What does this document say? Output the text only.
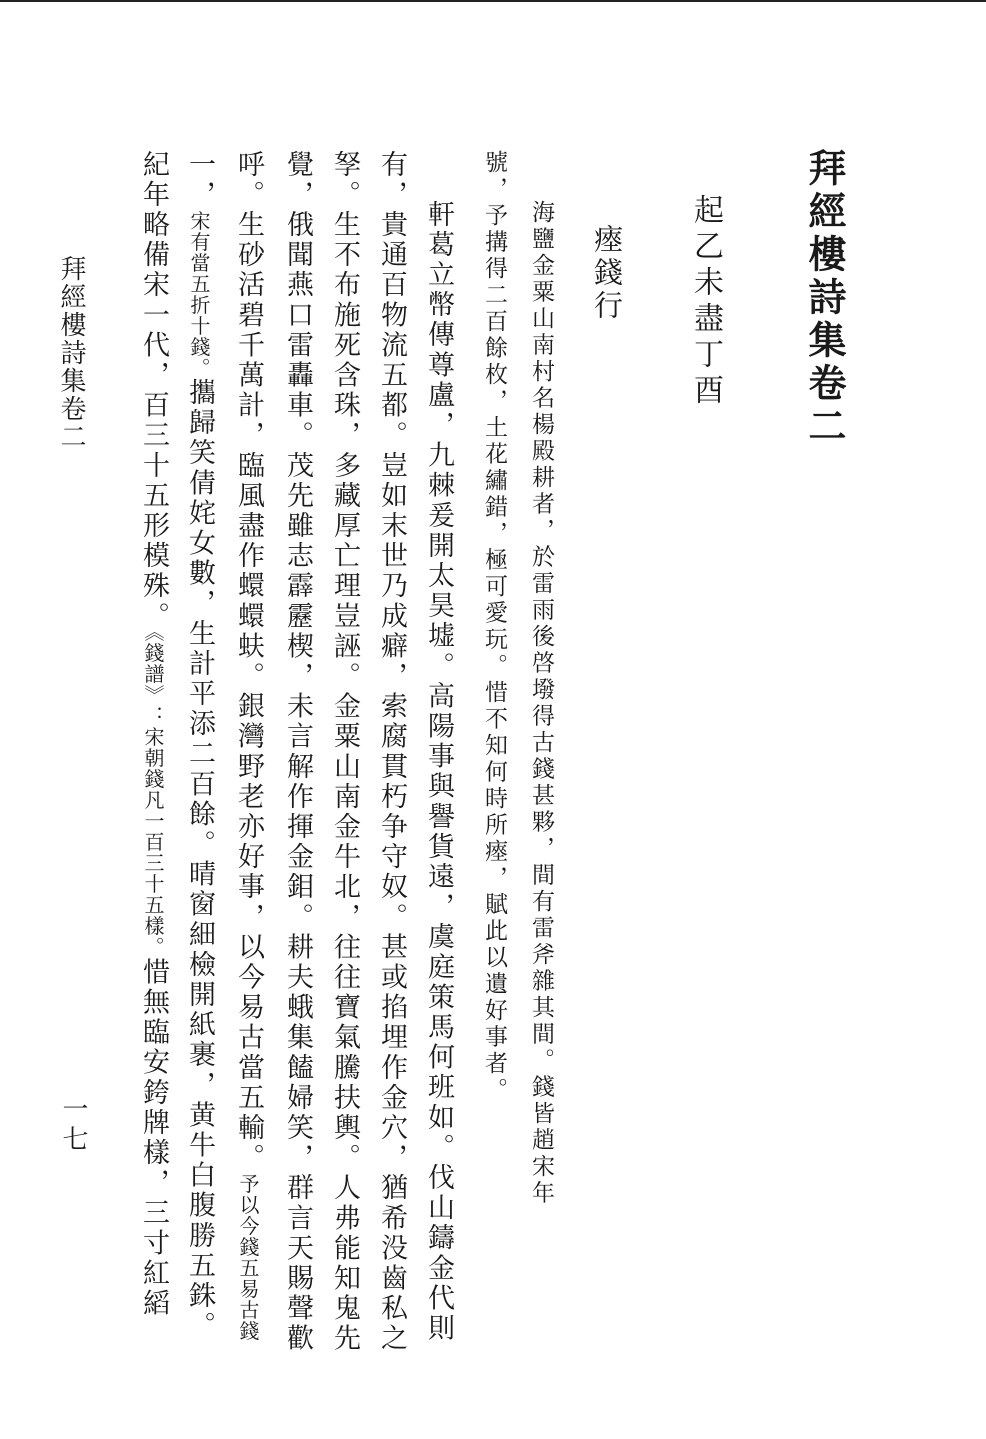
拜經樓詩集卷二
起乙未盡丁酉
瘞錢行
海鹽金粟山南村名楊殿耕者，於雷雨後啓墢得古錢甚夥，間有雷斧雜其間。錢皆趙宋年
號，予搆得二百餘枚，土花繡錯，極可愛玩。惜不知何時所瘞，賦此以遺好事者。
軒葛立幣傳尊盧，九棘爰開太昊墟。高陽事與譽貨遠，虞庭策馬何班如。伐山鑄金代則
有，貴通百物流五都。豈如末世乃成癖，索腐貫朽争守奴。甚或掐埋作金穴，猶希没齒私之
孥。生不布施死含珠，多藏厚亡理豈誣。金粟山南金牛北，往往寶氣騰扶輿。人弗能知鬼先
覺，俄聞燕口雷轟車。茂先雖志霹靂楔，未言解作揮金鉬。耕夫蛾集饁婦笑，群言天賜聲歡
呼。生砂活碧千萬計，臨風盡作蠉蠉蚨。銀灣野老亦好事，以今易古當五輸。予以今錢五易古錢
一，宋有當五折十錢。攜歸笑倩姹女數，生計平添二百餘。晴窗細檢開紙裹，黄牛白腹勝五銖。
紀年略備宋一代，百三十五形模殊。《錢譜》：宋朝錢凡一百三十五樣。惜無臨安銙牌樣，三寸紅縚
拜經樓詩集卷二
一七
